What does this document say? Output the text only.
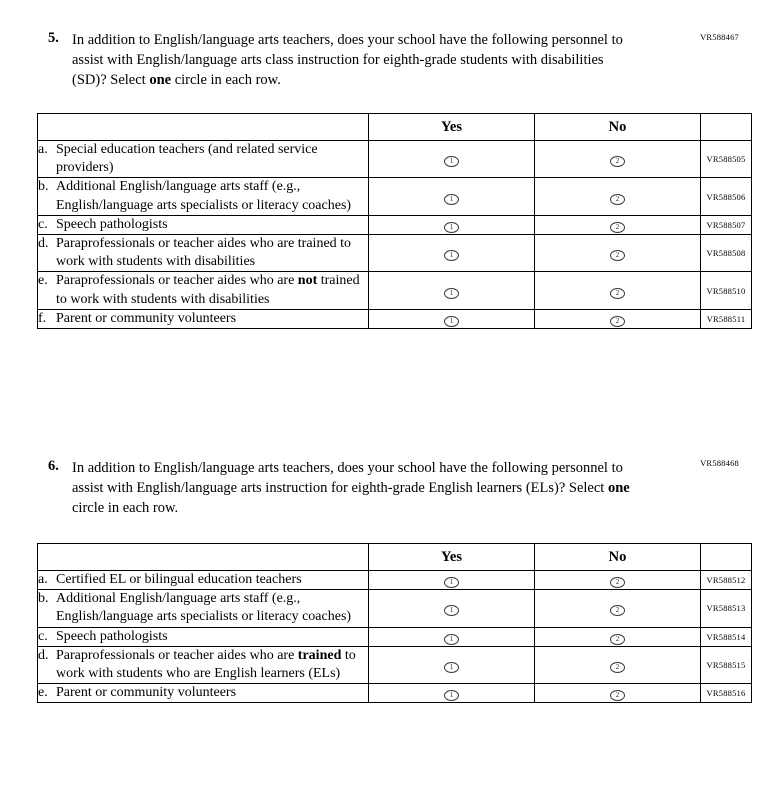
VR588467
5. In addition to English/language arts teachers, does your school have the following personnel to assist with English/language arts class instruction for eighth-grade students with disabilities (SD)? Select one circle in each row.
	Yes	No	
a. Special education teachers (and related service providers)	1	2	VR588505
b. Additional English/language arts staff (e.g., English/language arts specialists or literacy coaches)	1	2	VR588506
c. Speech pathologists	1	2	VR588507
d. Paraprofessionals or teacher aides who are trained to work with students with disabilities	1	2	VR588508
e. Paraprofessionals or teacher aides who are not trained to work with students with disabilities	1	2	VR588510
f. Parent or community volunteers	1	2	VR588511
VR588468
6. In addition to English/language arts teachers, does your school have the following personnel to assist with English/language arts instruction for eighth-grade English learners (ELs)? Select one circle in each row.
	Yes	No	
a. Certified EL or bilingual education teachers	1	2	VR588512
b. Additional English/language arts staff (e.g., English/language arts specialists or literacy coaches)	1	2	VR588513
c. Speech pathologists	1	2	VR588514
d. Paraprofessionals or teacher aides who are trained to work with students who are English learners (ELs)	1	2	VR588515
e. Parent or community volunteers	1	2	VR588516
